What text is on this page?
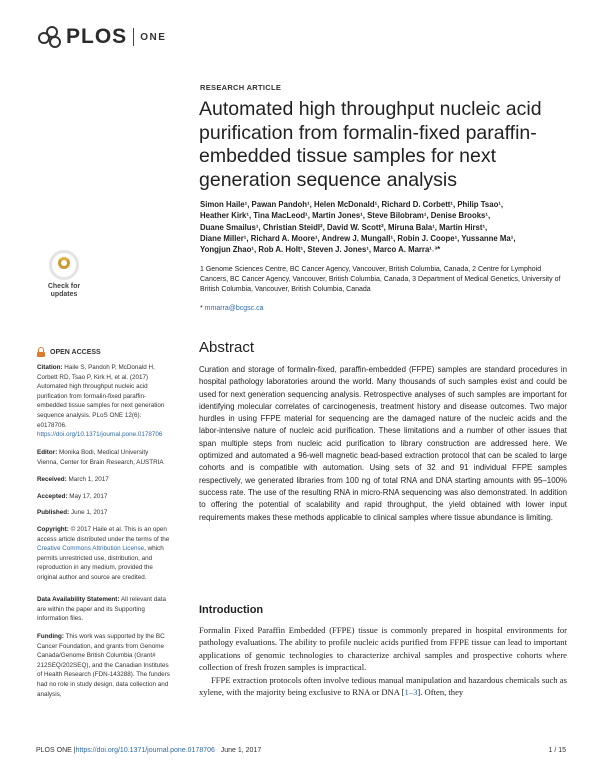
PLOS ONE
Check for
updates
RESEARCH ARTICLE
Automated high throughput nucleic acid purification from formalin-fixed paraffin-embedded tissue samples for next generation sequence analysis
Simon Haile¹, Pawan Pandoh¹, Helen McDonald¹, Richard D. Corbett¹, Philip Tsao¹,
Heather Kirk¹, Tina MacLeod¹, Martin Jones¹, Steve Bilobram¹, Denise Brooks¹,
Duane Smailus¹, Christian Steidl², David W. Scott², Miruna Bala¹, Martin Hirst¹,
Diane Miller¹, Richard A. Moore¹, Andrew J. Mungall¹, Robin J. Coope¹, Yussanne Ma¹,
Yongjun Zhao¹, Rob A. Holt¹, Steven J. Jones¹, Marco A. Marra¹˒³*
1 Genome Sciences Centre, BC Cancer Agency, Vancouver, British Columbia, Canada, 2 Centre for Lymphoid Cancers, BC Cancer Agency, Vancouver, British Columbia, Canada, 3 Department of Medical Genetics, University of British Columbia, Vancouver, British Columbia, Canada
* mmarra@bcgsc.ca
OPEN ACCESS
Citation: Haile S, Pandoh P, McDonald H, Corbett RD, Tsao P, Kirk H, et al. (2017) Automated high throughput nucleic acid purification from formalin-fixed paraffin-embedded tissue samples for next generation sequence analysis. PLoS ONE 12(6): e0178706. https://doi.org/10.1371/journal.pone.0178706
Editor: Monika Bodi, Medical University Vienna, Center for Brain Research, AUSTRIA
Received: March 1, 2017
Accepted: May 17, 2017
Published: June 1, 2017
Copyright: © 2017 Haile et al. This is an open access article distributed under the terms of the Creative Commons Attribution License, which permits unrestricted use, distribution, and reproduction in any medium, provided the original author and source are credited.
Data Availability Statement: All relevant data are within the paper and its Supporting Information files.
Funding: This work was supported by the BC Cancer Foundation, and grants from Genome Canada/Genome British Columbia (Grant# 212SEQ/202SEQ), and the Canadian Institutes of Health Research (FDN-143288). The funders had no role in study design, data collection and analysis,
Abstract
Curation and storage of formalin-fixed, paraffin-embedded (FFPE) samples are standard procedures in hospital pathology laboratories around the world. Many thousands of such samples exist and could be used for next generation sequencing analysis. Retrospective analyses of such samples are important for identifying molecular correlates of carcinogenesis, treatment history and disease outcomes. Two major hurdles in using FFPE material for sequencing are the damaged nature of the nucleic acids and the labor-intensive nature of nucleic acid purification. These limitations and a number of other issues that span multiple steps from nucleic acid purification to library construction are addressed here. We optimized and automated a 96-well magnetic bead-based extraction protocol that can be scaled to large cohorts and is compatible with automation. Using sets of 32 and 91 individual FFPE samples respectively, we generated libraries from 100 ng of total RNA and DNA starting amounts with 95–100% success rate. The use of the resulting RNA in micro-RNA sequencing was also demonstrated. In addition to offering the potential of scalability and rapid throughput, the yield obtained with lower input requirements makes these methods applicable to clinical samples where tissue abundance is limiting.
Introduction

Formalin Fixed Paraffin Embedded (FFPE) tissue is commonly prepared in hospital environments for pathology evaluations. The ability to profile nucleic acids purified from FFPE tissue can lead to important applications of genomic technologies to characterize archival samples and prospective cohorts where collection of fresh frozen samples is impractical.

FFPE extraction protocols often involve tedious manual manipulation and hazardous chemicals such as xylene, with the majority being exclusive to RNA or DNA [1–3]. Often, they

PLOS ONE | https://doi.org/10.1371/journal.pone.0178706 June 1, 2017	1 / 15
